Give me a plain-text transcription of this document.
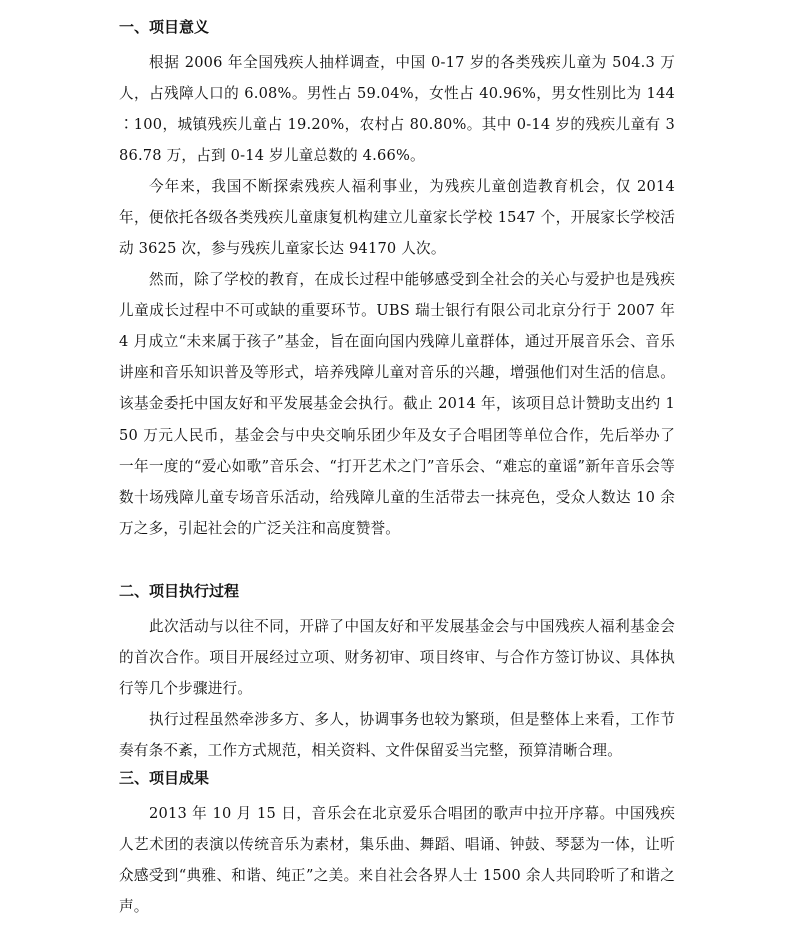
一、项目意义

根据 2006 年全国残疾人抽样调查，中国 0-17 岁的各类残疾儿童为 504.3 万人，占残障人口的 6.08%。男性占 59.04%，女性占 40.96%，男女性别比为 144∶100，城镇残疾儿童占 19.20%，农村占 80.80%。其中 0-14 岁的残疾儿童有 386.78 万，占到 0-14 岁儿童总数的 4.66%。

今年来，我国不断探索残疾人福利事业，为残疾儿童创造教育机会，仅 2014 年，便依托各级各类残疾儿童康复机构建立儿童家长学校 1547 个，开展家长学校活动 3625 次，参与残疾儿童家长达 94170 人次。

然而，除了学校的教育，在成长过程中能够感受到全社会的关心与爱护也是残疾儿童成长过程中不可或缺的重要环节。UBS 瑞士银行有限公司北京分行于 2007 年 4 月成立“未来属于孩子”基金，旨在面向国内残障儿童群体，通过开展音乐会、音乐讲座和音乐知识普及等形式，培养残障儿童对音乐的兴趣，增强他们对生活的信息。该基金委托中国友好和平发展基金会执行。截止 2014 年，该项目总计赞助支出约 150 万元人民币，基金会与中央交响乐团少年及女子合唱团等单位合作，先后举办了一年一度的“爱心如歌”音乐会、“打开艺术之门”音乐会、“难忘的童谣”新年音乐会等数十场残障儿童专场音乐活动，给残障儿童的生活带去一抹亮色，受众人数达 10 余万之多，引起社会的广泛关注和高度赞誉。

二、项目执行过程

此次活动与以往不同，开辟了中国友好和平发展基金会与中国残疾人福利基金会的首次合作。项目开展经过立项、财务初审、项目终审、与合作方签订协议、具体执行等几个步骤进行。

执行过程虽然牵涉多方、多人，协调事务也较为繁琐，但是整体上来看，工作节奏有条不紊，工作方式规范，相关资料、文件保留妥当完整，预算清晰合理。

三、项目成果

2013 年 10 月 15 日，音乐会在北京爱乐合唱团的歌声中拉开序幕。中国残疾人艺术团的表演以传统音乐为素材，集乐曲、舞蹈、唱诵、钟鼓、琴瑟为一体，让听众感受到“典雅、和谐、纯正”之美。来自社会各界人士 1500 余人共同聆听了和谐之声。
